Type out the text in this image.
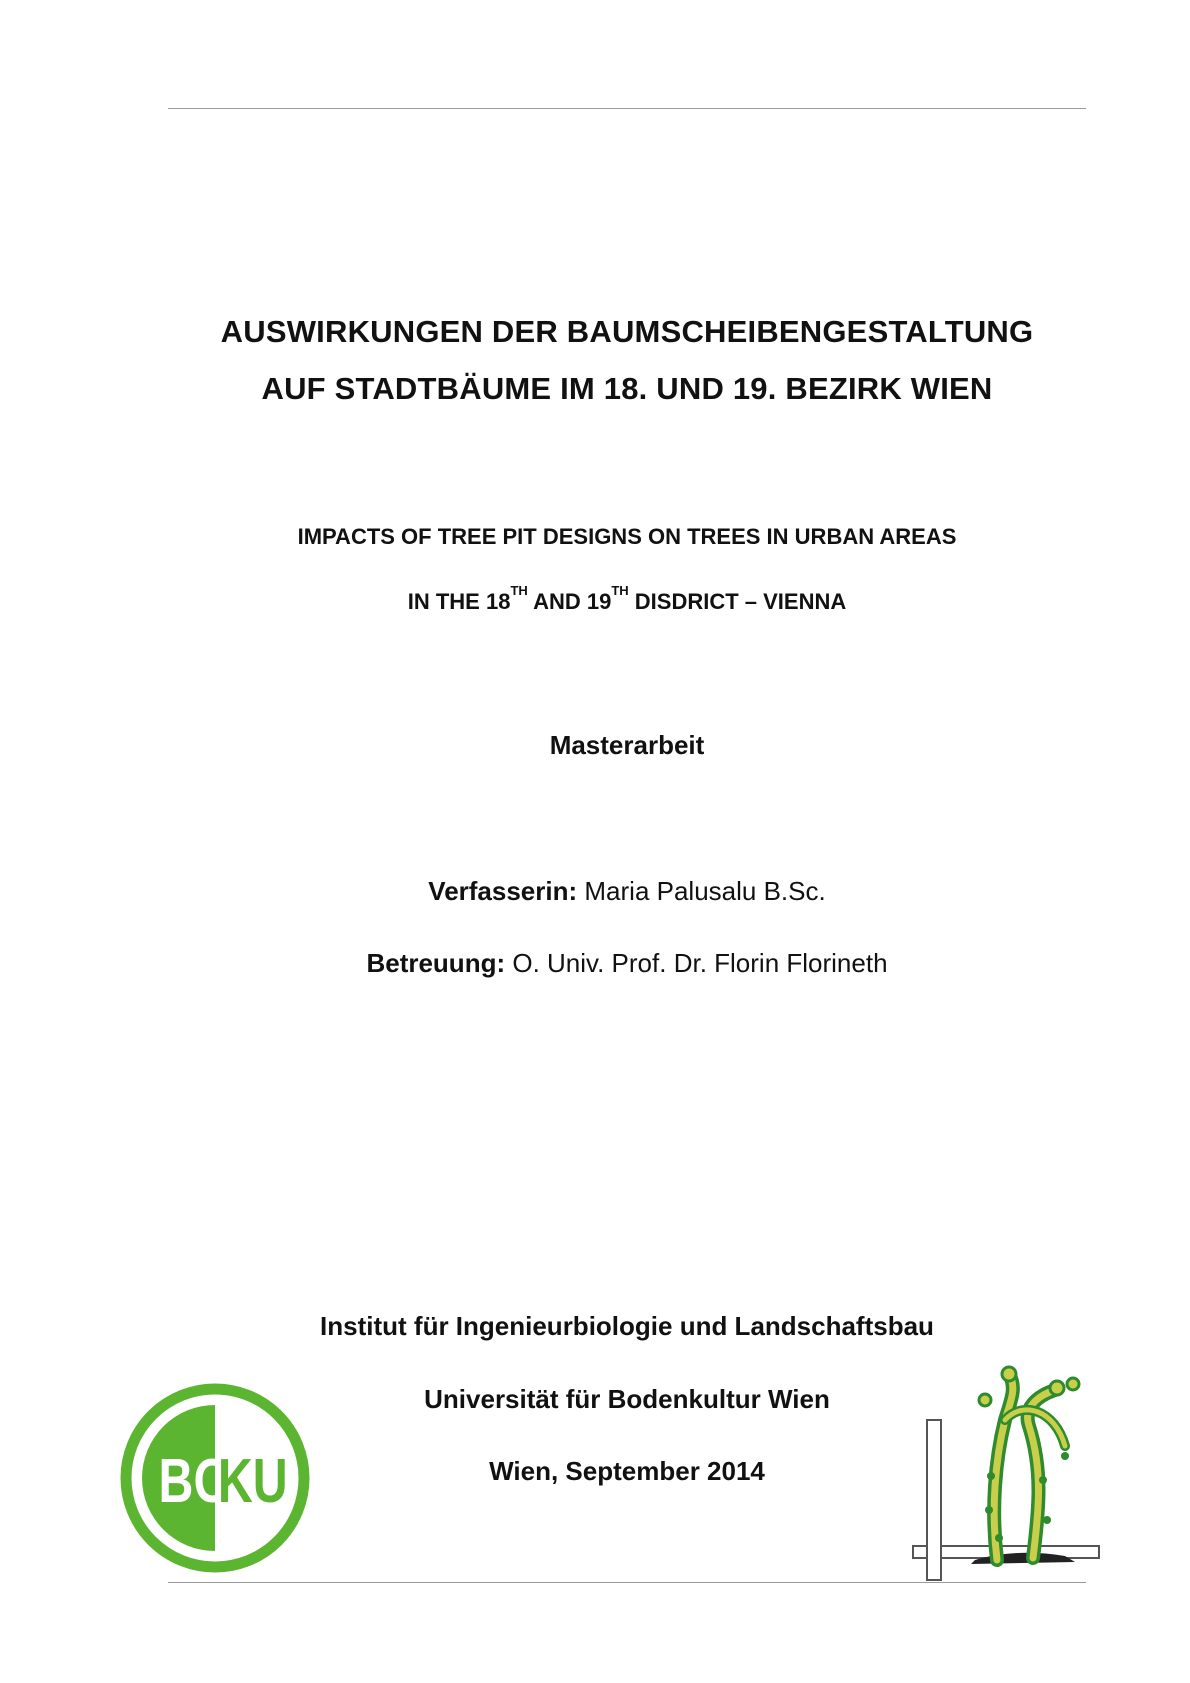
AUSWIRKUNGEN DER BAUMSCHEIBENGESTALTUNG
AUF STADTBÄUME IM 18. UND 19. BEZIRK WIEN
IMPACTS OF TREE PIT DESIGNS ON TREES IN URBAN AREAS
IN THE 18TH AND 19TH DISDRICT – VIENNA
Masterarbeit
Verfasserin: Maria Palusalu B.Sc.
Betreuung: O. Univ. Prof. Dr. Florin Florineth
Institut für Ingenieurbiologie und Landschaftsbau
Universität für Bodenkultur Wien
Wien, September 2014
BO
KU
